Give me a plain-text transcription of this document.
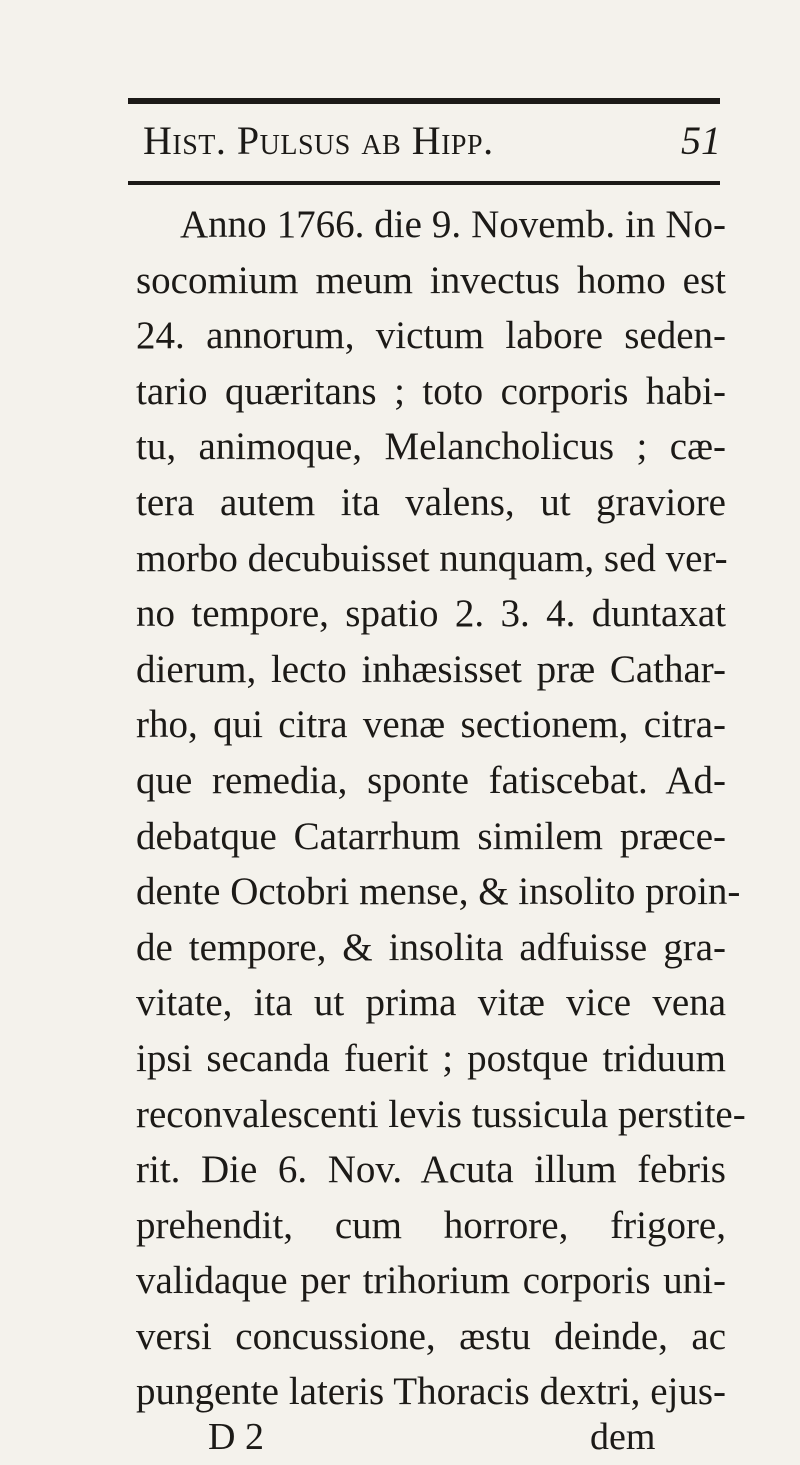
Hist. Pulsus ab Hipp.	51
Anno 1766. die 9. Novemb. in No-
socomium meum invectus homo est
24. annorum, victum labore seden-
tario quæritans ; toto corporis habi-
tu, animoque, Melancholicus ; cæ-
tera autem ita valens, ut graviore
morbo decubuisset nunquam, sed ver-
no tempore, spatio 2. 3. 4. duntaxat
dierum, lecto inhæsisset præ Cathar-
rho, qui citra venæ sectionem, citra-
que remedia, sponte fatiscebat. Ad-
debatque Catarrhum similem præce-
dente Octobri mense, & insolito proin-
de tempore, & insolita adfuisse gra-
vitate, ita ut prima vitæ vice vena
ipsi secanda fuerit ; postque triduum
reconvalescenti levis tussicula perstite-
rit. Die 6. Nov. Acuta illum febris
prehendit, cum horrore, frigore,
validaque per trihorium corporis uni-
versi concussione, æstu deinde, ac
pungente lateris Thoracis dextri, ejus-
D 2	dem
